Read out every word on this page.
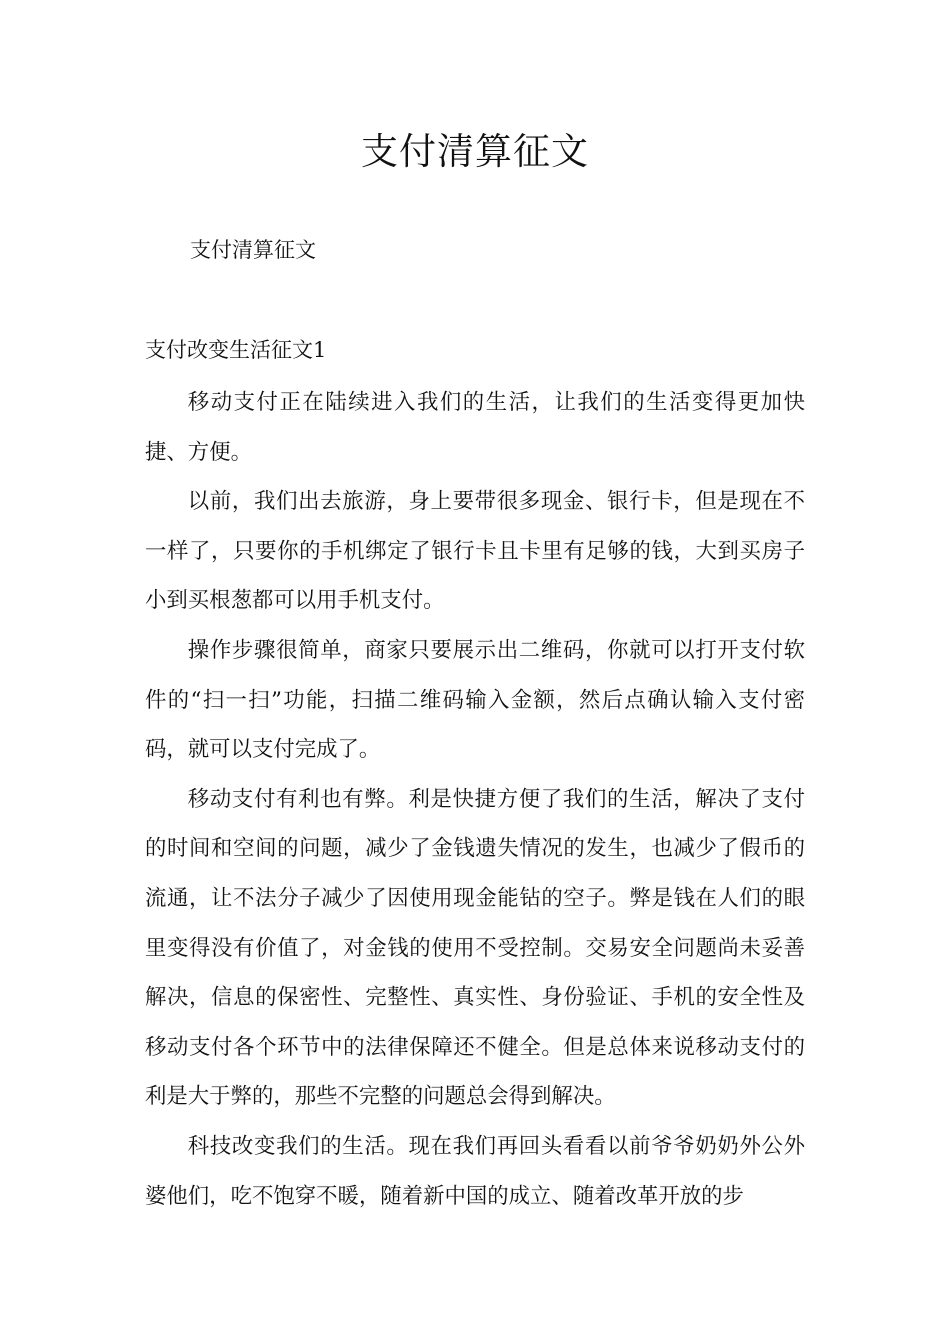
支付清算征文

支付清算征文

支付改变生活征文1

移动支付正在陆续进入我们的生活，让我们的生活变得更加快捷、方便。

以前，我们出去旅游，身上要带很多现金、银行卡，但是现在不一样了，只要你的手机绑定了银行卡且卡里有足够的钱，大到买房子小到买根葱都可以用手机支付。

操作步骤很简单，商家只要展示出二维码，你就可以打开支付软件的“扫一扫”功能，扫描二维码输入金额，然后点确认输入支付密码，就可以支付完成了。

移动支付有利也有弊。利是快捷方便了我们的生活，解决了支付的时间和空间的问题，减少了金钱遗失情况的发生，也减少了假币的流通，让不法分子减少了因使用现金能钻的空子。弊是钱在人们的眼里变得没有价值了，对金钱的使用不受控制。交易安全问题尚未妥善解决，信息的保密性、完整性、真实性、身份验证、手机的安全性及移动支付各个环节中的法律保障还不健全。但是总体来说移动支付的利是大于弊的，那些不完整的问题总会得到解决。

科技改变我们的生活。现在我们再回头看看以前爷爷奶奶外公外婆他们，吃不饱穿不暖，随着新中国的成立、随着改革开放的步
